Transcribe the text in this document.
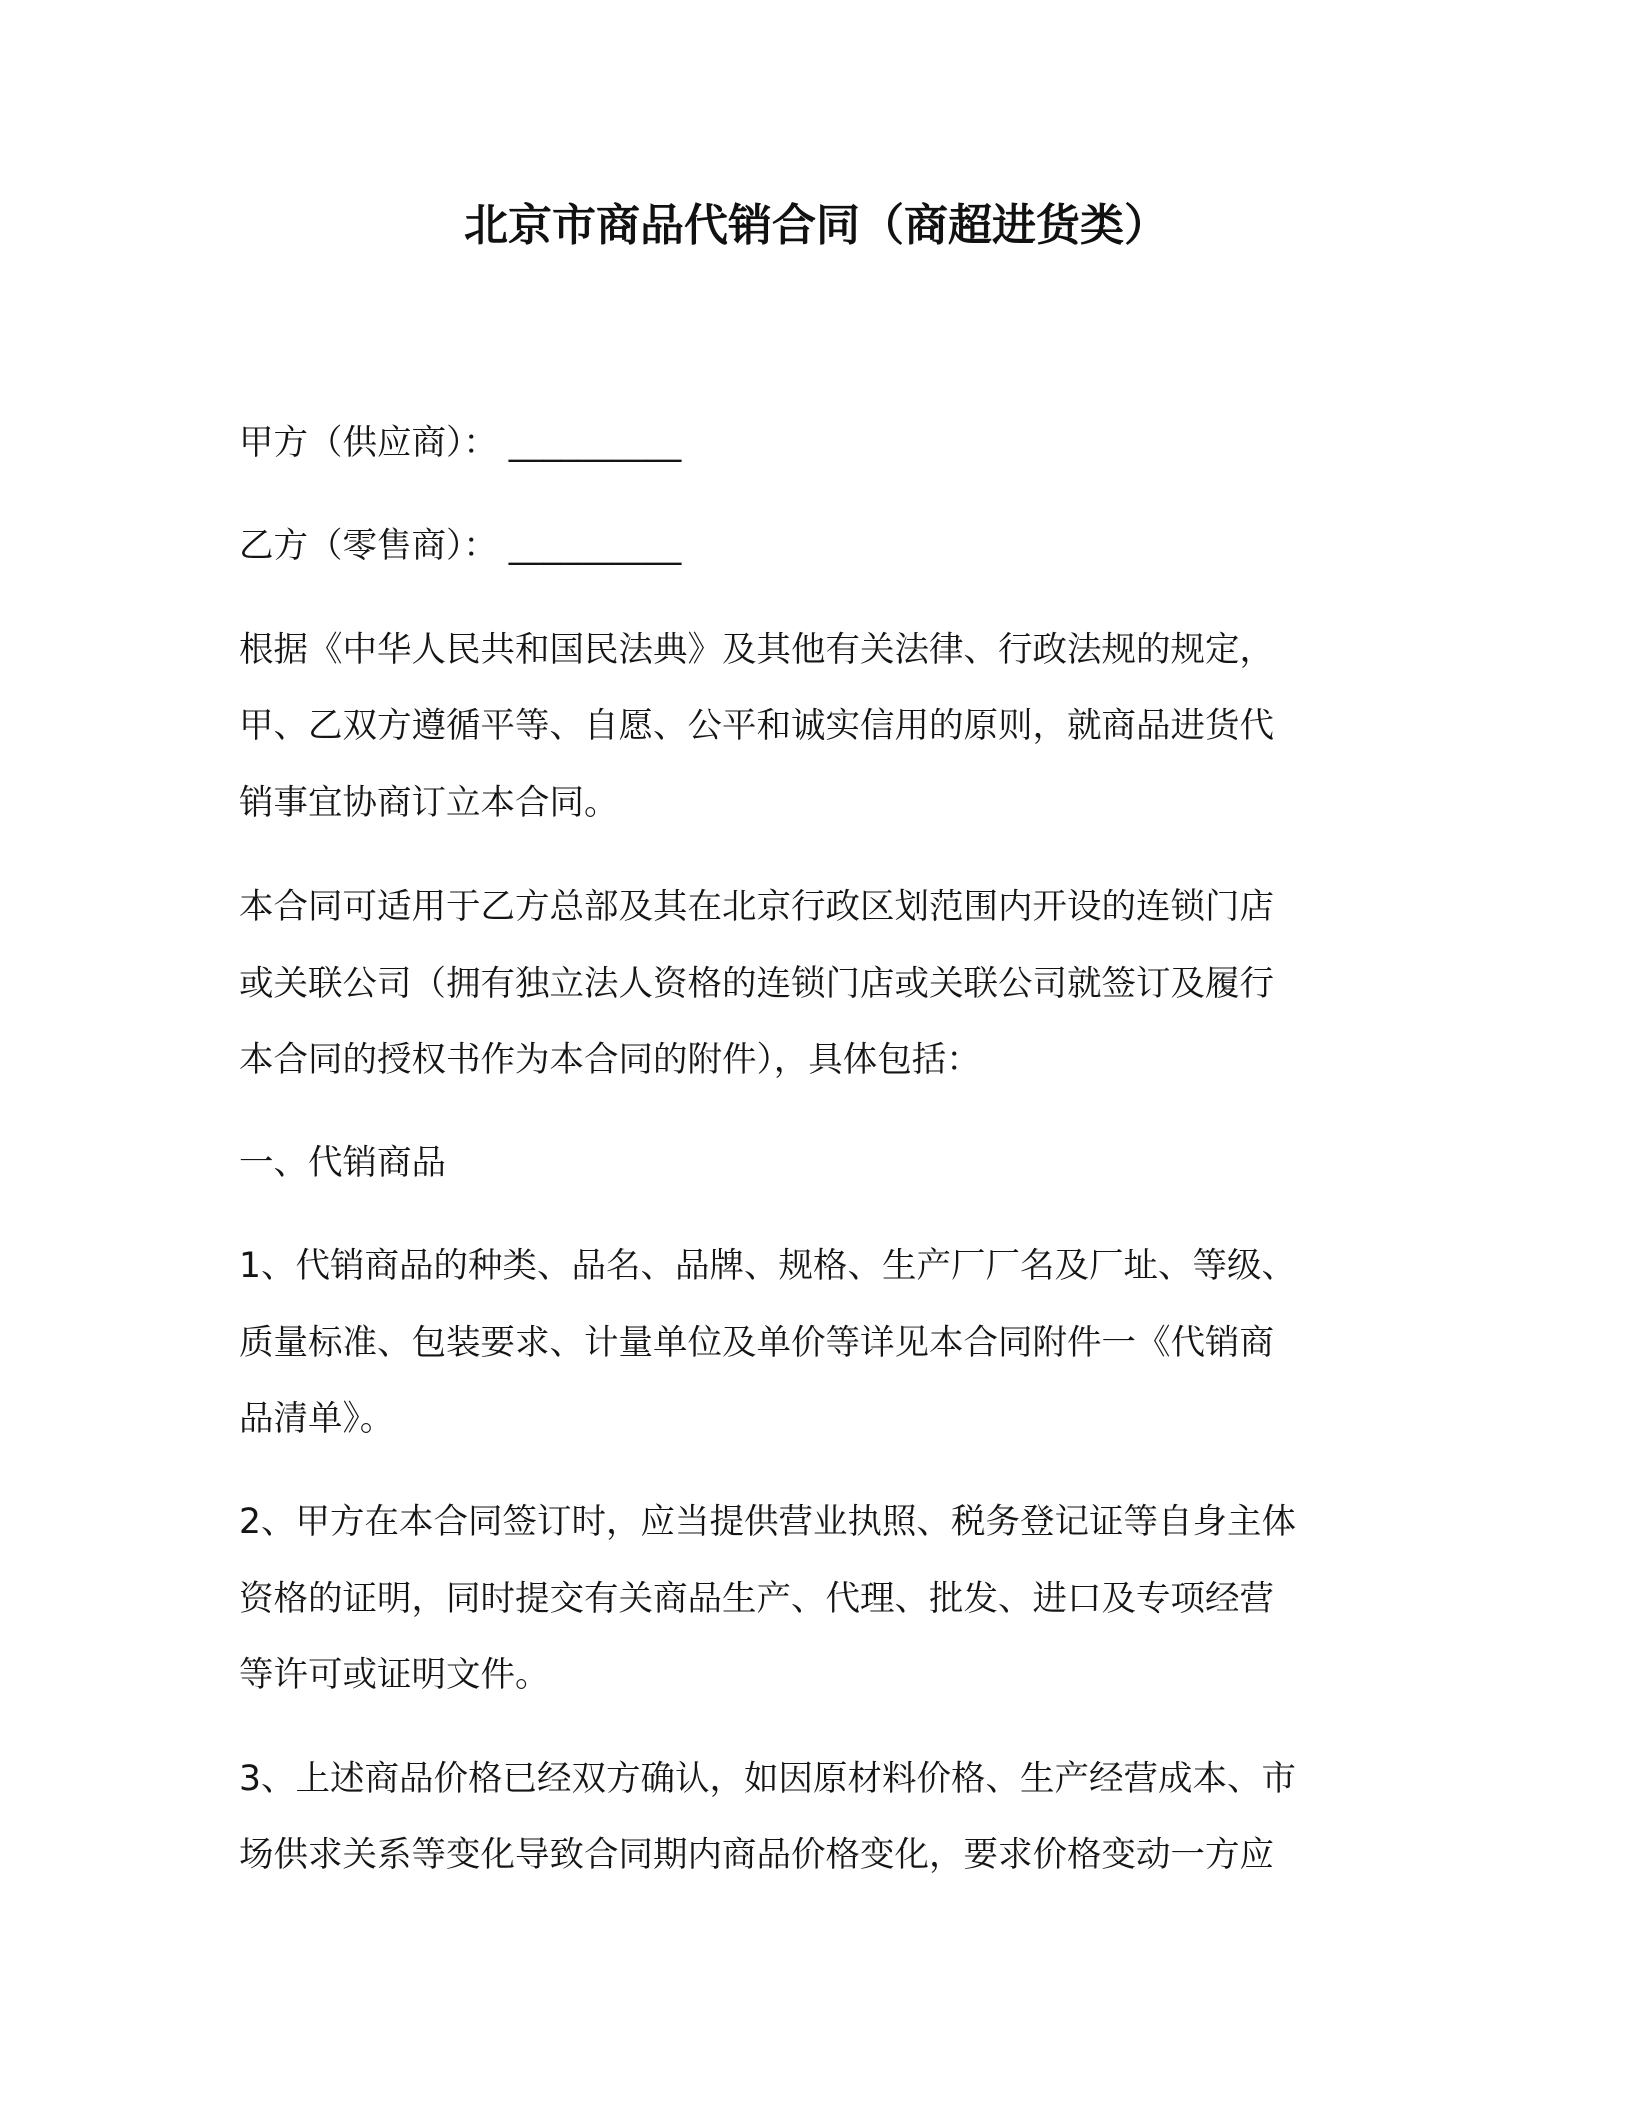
北京市商品代销合同（商超进货类）
甲方（供应商）： __________
乙方（零售商）： __________
根据《中华人民共和国民法典》及其他有关法律、行政法规的规定，
甲、乙双方遵循平等、自愿、公平和诚实信用的原则，就商品进货代
销事宜协商订立本合同。
本合同可适用于乙方总部及其在北京行政区划范围内开设的连锁门店
或关联公司（拥有独立法人资格的连锁门店或关联公司就签订及履行
本合同的授权书作为本合同的附件），具体包括：
一、代销商品
1、代销商品的种类、品名、品牌、规格、生产厂厂名及厂址、等级、
质量标准、包装要求、计量单位及单价等详见本合同附件一《代销商
品清单》。
2、甲方在本合同签订时，应当提供营业执照、税务登记证等自身主体
资格的证明，同时提交有关商品生产、代理、批发、进口及专项经营
等许可或证明文件。
3、上述商品价格已经双方确认，如因原材料价格、生产经营成本、市
场供求关系等变化导致合同期内商品价格变化，要求价格变动一方应
